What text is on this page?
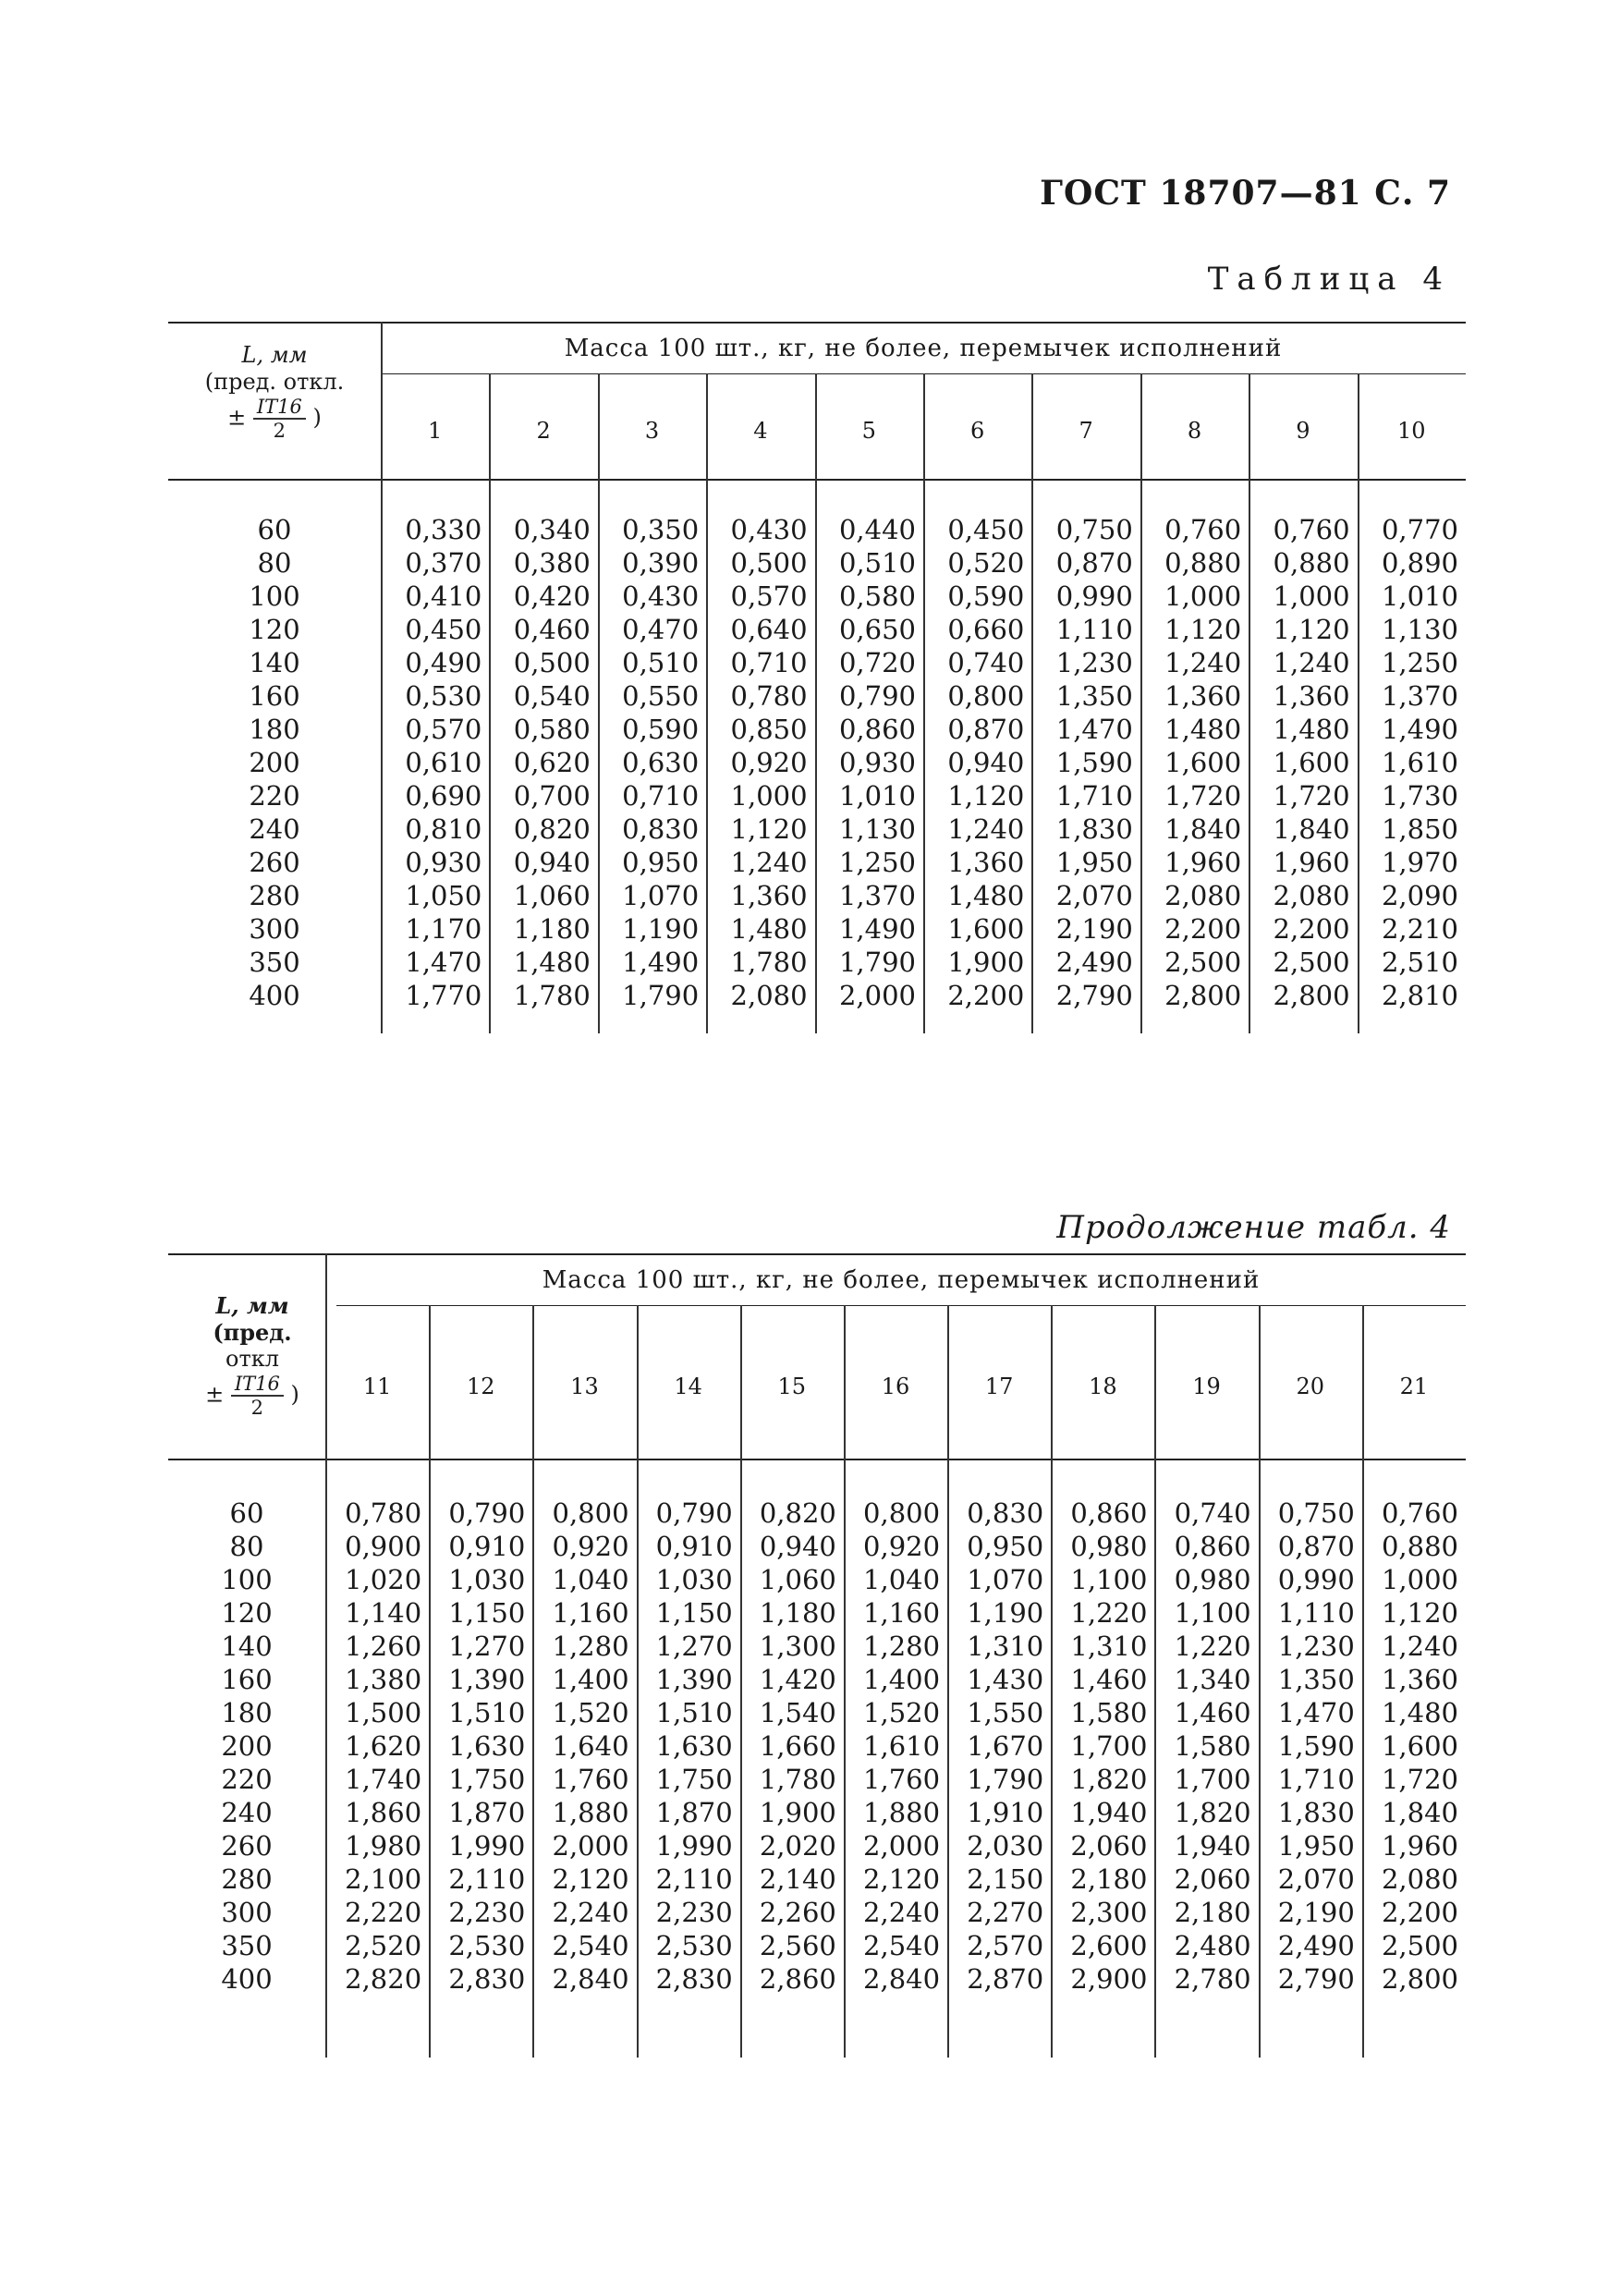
ГОСТ 18707—81 С. 7
Таблица 4
L, мм
(пред. откл.
± $\frac{IT16}{2}$ )
Масса 100 шт., кг, не более, перемычек исполнений
1	2	3	4	5	6	7	8	9	10
60	0,330	0,340	0,350	0,430	0,440	0,450	0,750	0,760	0,760	0,770
80	0,370	0,380	0,390	0,500	0,510	0,520	0,870	0,880	0,880	0,890
100	0,410	0,420	0,430	0,570	0,580	0,590	0,990	1,000	1,000	1,010
120	0,450	0,460	0,470	0,640	0,650	0,660	1,110	1,120	1,120	1,130
140	0,490	0,500	0,510	0,710	0,720	0,740	1,230	1,240	1,240	1,250
160	0,530	0,540	0,550	0,780	0,790	0,800	1,350	1,360	1,360	1,370
180	0,570	0,580	0,590	0,850	0,860	0,870	1,470	1,480	1,480	1,490
200	0,610	0,620	0,630	0,920	0,930	0,940	1,590	1,600	1,600	1,610
220	0,690	0,700	0,710	1,000	1,010	1,120	1,710	1,720	1,720	1,730
240	0,810	0,820	0,830	1,120	1,130	1,240	1,830	1,840	1,840	1,850
260	0,930	0,940	0,950	1,240	1,250	1,360	1,950	1,960	1,960	1,970
280	1,050	1,060	1,070	1,360	1,370	1,480	2,070	2,080	2,080	2,090
300	1,170	1,180	1,190	1,480	1,490	1,600	2,190	2,200	2,200	2,210
350	1,470	1,480	1,490	1,780	1,790	1,900	2,490	2,500	2,500	2,510
400	1,770	1,780	1,790	2,080	2,000	2,200	2,790	2,800	2,800	2,810
Продолжение табл. 4
L, мм
(пред.
откл
± $\frac{IT16}{2}$ )
Масса 100 шт., кг, не более, перемычек исполнений
11	12	13	14	15	16	17	18	19	20	21
60	0,780	0,790	0,800	0,790	0,820	0,800	0,830	0,860	0,740	0,750	0,760
80	0,900	0,910	0,920	0,910	0,940	0,920	0,950	0,980	0,860	0,870	0,880
100	1,020	1,030	1,040	1,030	1,060	1,040	1,070	1,100	0,980	0,990	1,000
120	1,140	1,150	1,160	1,150	1,180	1,160	1,190	1,220	1,100	1,110	1,120
140	1,260	1,270	1,280	1,270	1,300	1,280	1,310	1,310	1,220	1,230	1,240
160	1,380	1,390	1,400	1,390	1,420	1,400	1,430	1,460	1,340	1,350	1,360
180	1,500	1,510	1,520	1,510	1,540	1,520	1,550	1,580	1,460	1,470	1,480
200	1,620	1,630	1,640	1,630	1,660	1,610	1,670	1,700	1,580	1,590	1,600
220	1,740	1,750	1,760	1,750	1,780	1,760	1,790	1,820	1,700	1,710	1,720
240	1,860	1,870	1,880	1,870	1,900	1,880	1,910	1,940	1,820	1,830	1,840
260	1,980	1,990	2,000	1,990	2,020	2,000	2,030	2,060	1,940	1,950	1,960
280	2,100	2,110	2,120	2,110	2,140	2,120	2,150	2,180	2,060	2,070	2,080
300	2,220	2,230	2,240	2,230	2,260	2,240	2,270	2,300	2,180	2,190	2,200
350	2,520	2,530	2,540	2,530	2,560	2,540	2,570	2,600	2,480	2,490	2,500
400	2,820	2,830	2,840	2,830	2,860	2,840	2,870	2,900	2,780	2,790	2,800
